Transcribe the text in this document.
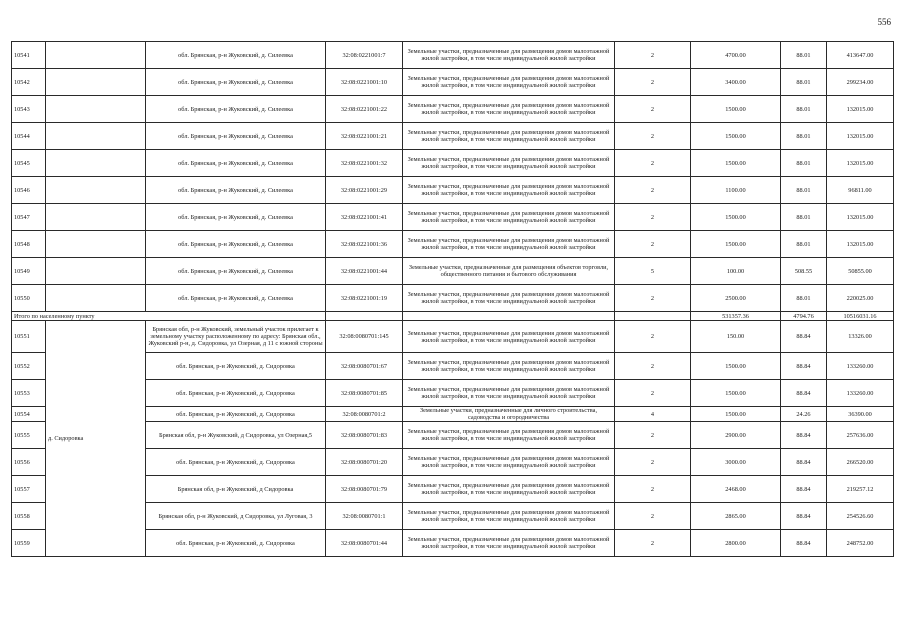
556
10541		обл. Брянская, р-н Жуковский, д. Силеевка	32:08:0221001:7	Земельные участки, предназначенные для размещения домов малоэтажной жилой застройки, в том числе индивидуальной жилой застройки	2	4700.00	88.01	413647.00
10542		обл. Брянская, р-н Жуковский, д. Силеевка	32:08:0221001:10	Земельные участки, предназначенные для размещения домов малоэтажной жилой застройки, в том числе индивидуальной жилой застройки	2	3400.00	88.01	299234.00
10543		обл. Брянская, р-н Жуковский, д. Силеевка	32:08:0221001:22	Земельные участки, предназначенные для размещения домов малоэтажной жилой застройки, в том числе индивидуальной жилой застройки	2	1500.00	88.01	132015.00
10544		обл. Брянская, р-н Жуковский, д. Силеевка	32:08:0221001:21	Земельные участки, предназначенные для размещения домов малоэтажной жилой застройки, в том числе индивидуальной жилой застройки	2	1500.00	88.01	132015.00
10545		обл. Брянская, р-н Жуковский, д. Силеевка	32:08:0221001:32	Земельные участки, предназначенные для размещения домов малоэтажной жилой застройки, в том числе индивидуальной жилой застройки	2	1500.00	88.01	132015.00
10546		обл. Брянская, р-н Жуковский, д. Силеевка	32:08:0221001:29	Земельные участки, предназначенные для размещения домов малоэтажной жилой застройки, в том числе индивидуальной жилой застройки	2	1100.00	88.01	96811.00
10547		обл. Брянская, р-н Жуковский, д. Силеевка	32:08:0221001:41	Земельные участки, предназначенные для размещения домов малоэтажной жилой застройки, в том числе индивидуальной жилой застройки	2	1500.00	88.01	132015.00
10548		обл. Брянская, р-н Жуковский, д. Силеевка	32:08:0221001:36	Земельные участки, предназначенные для размещения домов малоэтажной жилой застройки, в том числе индивидуальной жилой застройки	2	1500.00	88.01	132015.00
10549		обл. Брянская, р-н Жуковский, д. Силеевка	32:08:0221001:44	Земельные участки, предназначенные для размещения объектов торговли, общественного питания и бытового обслуживания	5	100.00	508.55	50855.00
10550		обл. Брянская, р-н Жуковский, д. Силеевка	32:08:0221001:19	Земельные участки, предназначенные для размещения домов малоэтажной жилой застройки, в том числе индивидуальной жилой застройки	2	2500.00	88.01	220025.00
Итого по населенному пункту						531357.36	4794.76	10516031.16
10551	д. Сидоровка	Брянская обл, р-н Жуковский, земельный участок прилегает к земельному участку расположенному по адресу: Брянская обл., Жуковский р-н, д. Сидоровка, ул Озерная, д 11 с южной стороны	32:08:0080701:145	Земельные участки, предназначенные для размещения домов малоэтажной жилой застройки, в том числе индивидуальной жилой застройки	2	150.00	88.84	13326.00
10552		обл. Брянская, р-н Жуковский, д. Сидоровка	32:08:0080701:67	Земельные участки, предназначенные для размещения домов малоэтажной жилой застройки, в том числе индивидуальной жилой застройки	2	1500.00	88.84	133260.00
10553		обл. Брянская, р-н Жуковский, д. Сидоровка	32:08:0080701:85	Земельные участки, предназначенные для размещения домов малоэтажной жилой застройки, в том числе индивидуальной жилой застройки	2	1500.00	88.84	133260.00
10554		обл. Брянская, р-н Жуковский, д. Сидоровка	32:08:0080701:2	Земельные участки, предназначенные для личного строительства, садоводства и огородничества	4	1500.00	24.26	36390.00
10555		Брянская обл, р-н Жуковский, д Сидоровка, ул Озерная,5	32:08:0080701:83	Земельные участки, предназначенные для размещения домов малоэтажной жилой застройки, в том числе индивидуальной жилой застройки	2	2900.00	88.84	257636.00
10556		обл. Брянская, р-н Жуковский, д. Сидоровка	32:08:0080701:20	Земельные участки, предназначенные для размещения домов малоэтажной жилой застройки, в том числе индивидуальной жилой застройки	2	3000.00	88.84	266520.00
10557		Брянская обл, р-н Жуковский, д Сидоровка	32:08:0080701:79	Земельные участки, предназначенные для размещения домов малоэтажной жилой застройки, в том числе индивидуальной жилой застройки	2	2468.00	88.84	219257.12
10558		Брянская обл, р-н Жуковский, д Сидоровка, ул Луговая, 3	32:08:0080701:1	Земельные участки, предназначенные для размещения домов малоэтажной жилой застройки, в том числе индивидуальной жилой застройки	2	2865.00	88.84	254526.60
10559		обл. Брянская, р-н Жуковский, д. Сидоровка	32:08:0080701:44	Земельные участки, предназначенные для размещения домов малоэтажной жилой застройки, в том числе индивидуальной жилой застройки	2	2800.00	88.84	248752.00
